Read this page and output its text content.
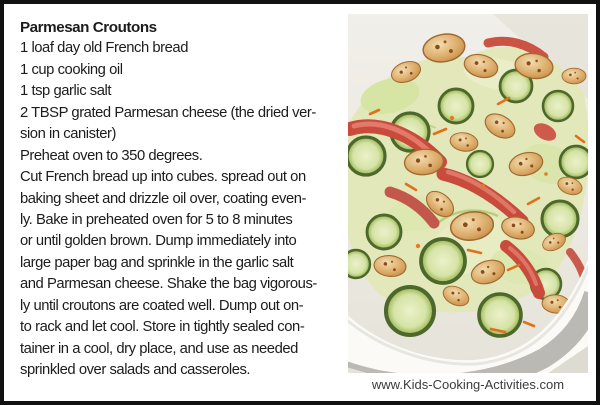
Parmesan Croutons
1 loaf day old French bread
1 cup cooking oil
1 tsp garlic salt
2 TBSP grated Parmesan cheese (the dried ver-
sion in canister)
Preheat oven to 350 degrees.
Cut French bread up into cubes. spread out on
baking sheet and drizzle oil over, coating even-
ly. Bake in preheated oven for 5 to 8 minutes
or until golden brown. Dump immediately into
large paper bag and sprinkle in the garlic salt
and Parmesan cheese. Shake the bag vigorous-
ly until croutons are coated well. Dump out on-
to rack and let cool. Store in tightly sealed con-
tainer in a cool, dry place, and use as needed
sprinkled over salads and casseroles.
www.Kids-Cooking-Activities.com
